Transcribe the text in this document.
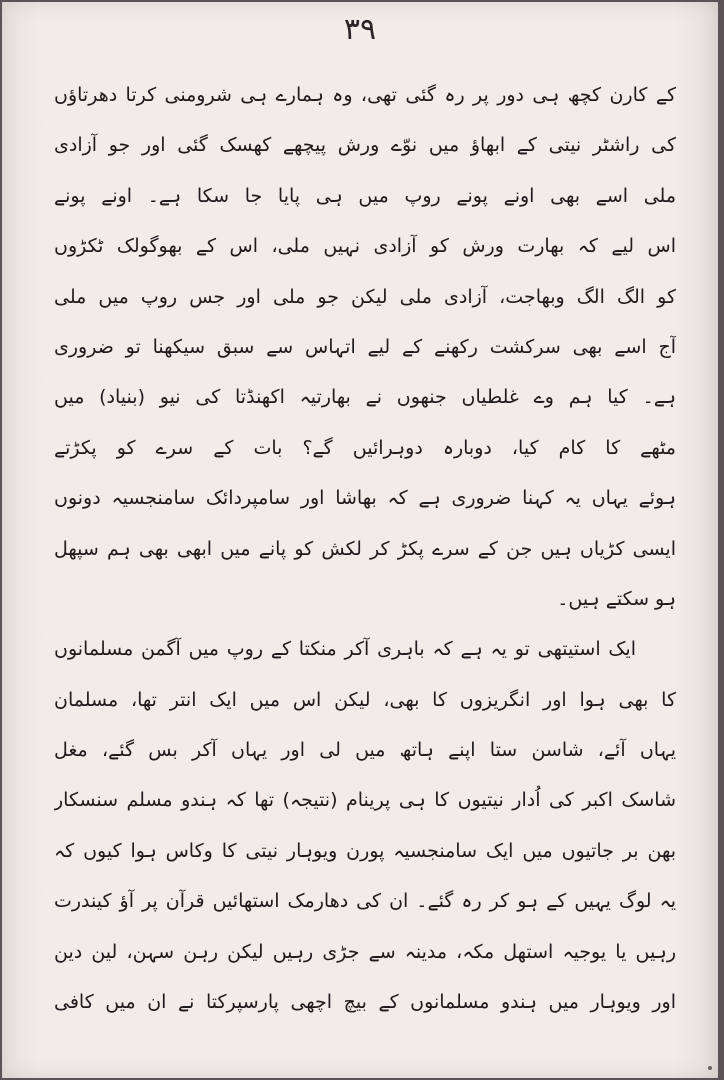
۳۹
کے کارن کچھ ہی دور پر رہ گئی تھی، وہ ہمارے ہی شرومنی کرتا دھرتاؤں
کی راشٹر نیتی کے ابھاؤ میں نوّے ورش پیچھے کھسک گئی اور جو آزادی
ملی اسے بھی اونے پونے روپ میں ہی پایا جا سکا ہے۔ اونے پونے
اس لیے کہ بھارت ورش کو آزادی نہیں ملی، اس کے بھوگولک ٹکڑوں
کو الگ الگ وبھاجت، آزادی ملی لیکن جو ملی اور جس روپ میں ملی
آج اسے بھی سرکشت رکھنے کے لیے اتہاس سے سبق سیکھنا تو ضروری
ہے۔ کیا ہم وے غلطیاں جنھوں نے بھارتیہ اکھنڈتا کی نیو (بنیاد) میں
مٹھے کا کام کیا، دوبارہ دوہرائیں گے؟ بات کے سرے کو پکڑتے
ہوئے یہاں یہ کہنا ضروری ہے کہ بھاشا اور سامپردائک سامنجسیہ دونوں
ایسی کڑیاں ہیں جن کے سرے پکڑ کر لکش کو پانے میں ابھی بھی ہم سپھل
ہو سکتے ہیں۔
ایک استیتھی تو یہ ہے کہ باہری آکر منکتا کے روپ میں آگمن مسلمانوں
کا بھی ہوا اور انگریزوں کا بھی، لیکن اس میں ایک انتر تھا، مسلمان
یہاں آئے، شاسن ستا اپنے ہاتھ میں لی اور یہاں آکر بس گئے، مغل
شاسک اکبر کی اُدار نیتیوں کا ہی پرینام (نتیجہ) تھا کہ ہندو مسلم سنسکار
بھن بر جاتیوں میں ایک سامنجسیہ پورن ویوہار نیتی کا وکاس ہوا کیوں کہ
یہ لوگ یہیں کے ہو کر رہ گئے۔ ان کی دھارمک استھائیں قرآن پر آؤ کیندرت
رہیں یا یوجیہ استھل مکہ، مدینہ سے جڑی رہیں لیکن رہن سہن، لین دین
اور ویوہار میں ہندو مسلمانوں کے بیچ اچھی پارسپرکتا نے ان میں کافی
